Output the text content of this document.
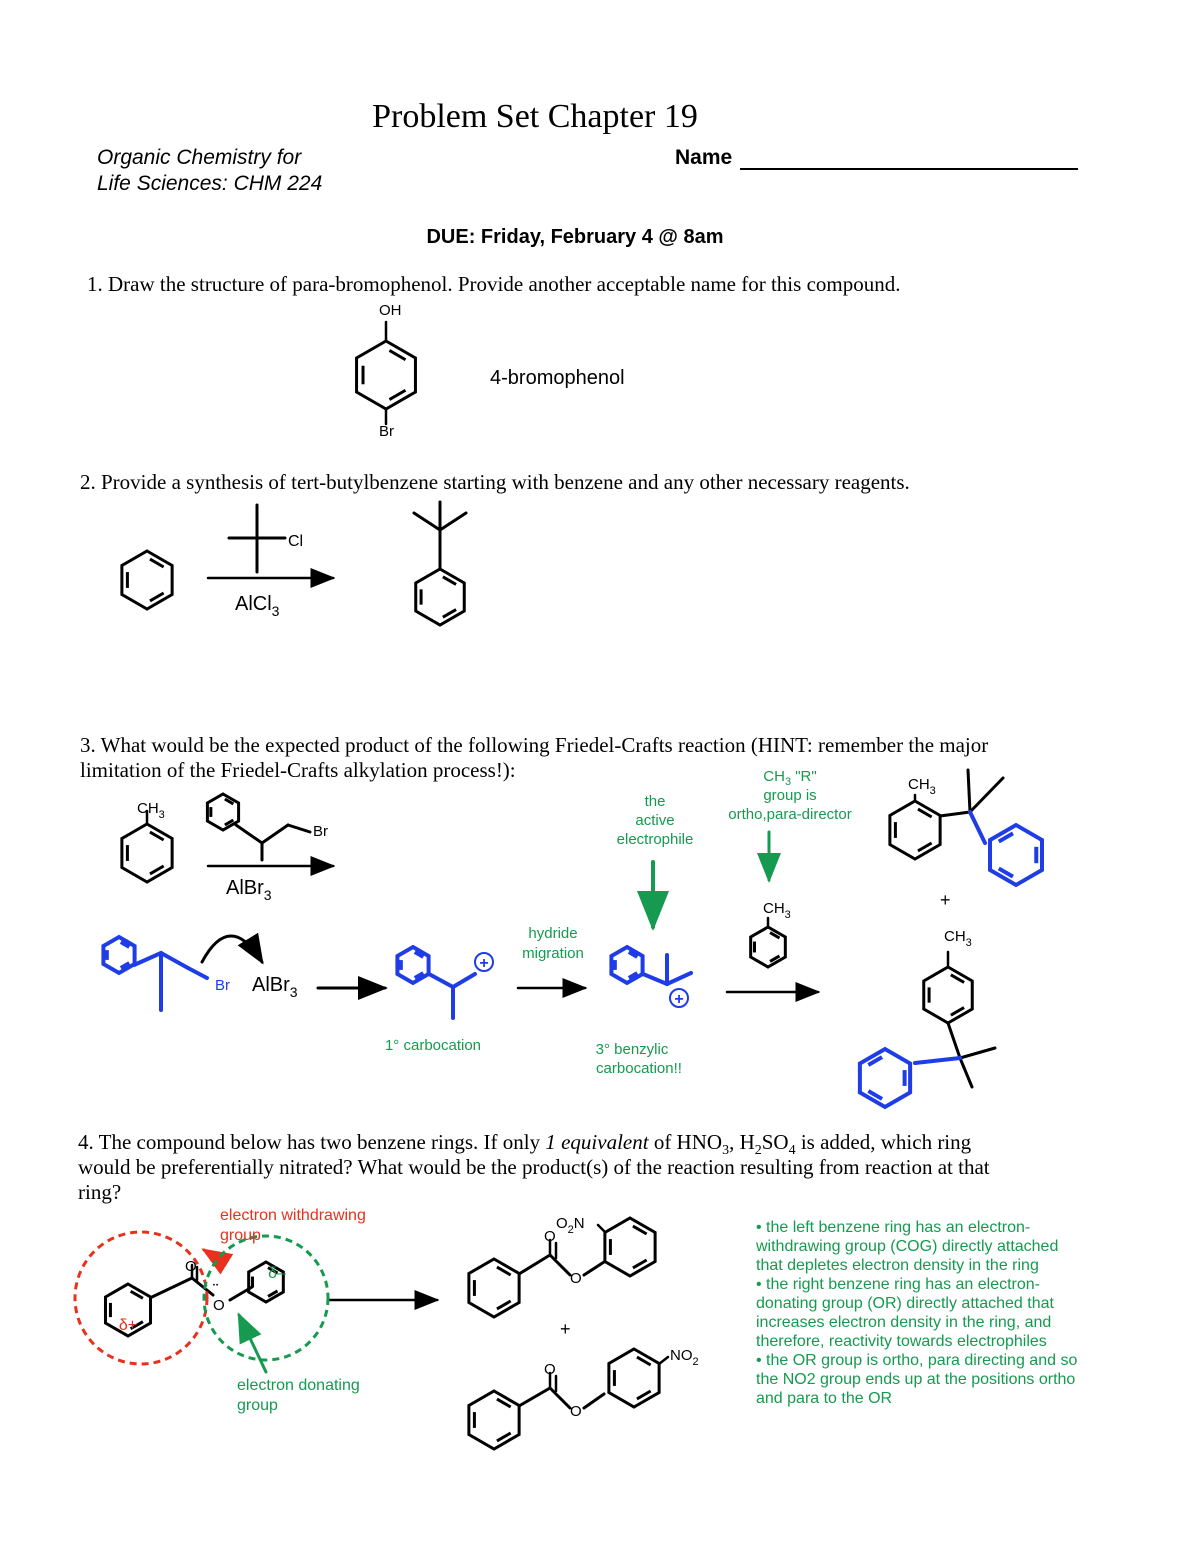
Problem Set Chapter 19
Organic Chemistry for
Life Sciences: CHM 224
Name
DUE: Friday, February 4 @ 8am
1. Draw the structure of para-bromophenol. Provide another acceptable name for this compound.
2. Provide a synthesis of tert-butylbenzene starting with benzene and any other necessary reagents.
3. What would be the expected product of the following Friedel-Crafts reaction (HINT: remember the major
limitation of the Friedel-Crafts alkylation process!):
4. The compound below has two benzene rings. If only 1 equivalent of $HNO_3$, $H_2SO_4$ is added, which ring
would be preferentially nitrated? What would be the product(s) of the reaction resulting from reaction at that
ring?
OH
Br
4-bromophenol
Cl
AlCl$_3$
$CH_3$
Br
AlBr$_3$
$CH_3$
+
$CH_3$
$CH_3$
Br AlBr$_3$
the
active
electrophile
$CH_3$ "R"
group is
ortho,para-director
hydride
migration
1° carbocation	3° benzylic
carbocation!!
+
+
δ+
δ–
O
O
¨
electron withdrawing
group
electron donating
group
O
O
$O_2N$
+
O
O
$NO_2$
• the left benzene ring has an electron-
withdrawing group (COG) directly attached
that depletes electron density in the ring
• the right benzene ring has an electron-
donating group (OR) directly attached that
increases electron density in the ring, and
therefore, reactivity towards electrophiles
• the OR group is ortho, para directing and so
the NO2 group ends up at the positions ortho
and para to the OR
